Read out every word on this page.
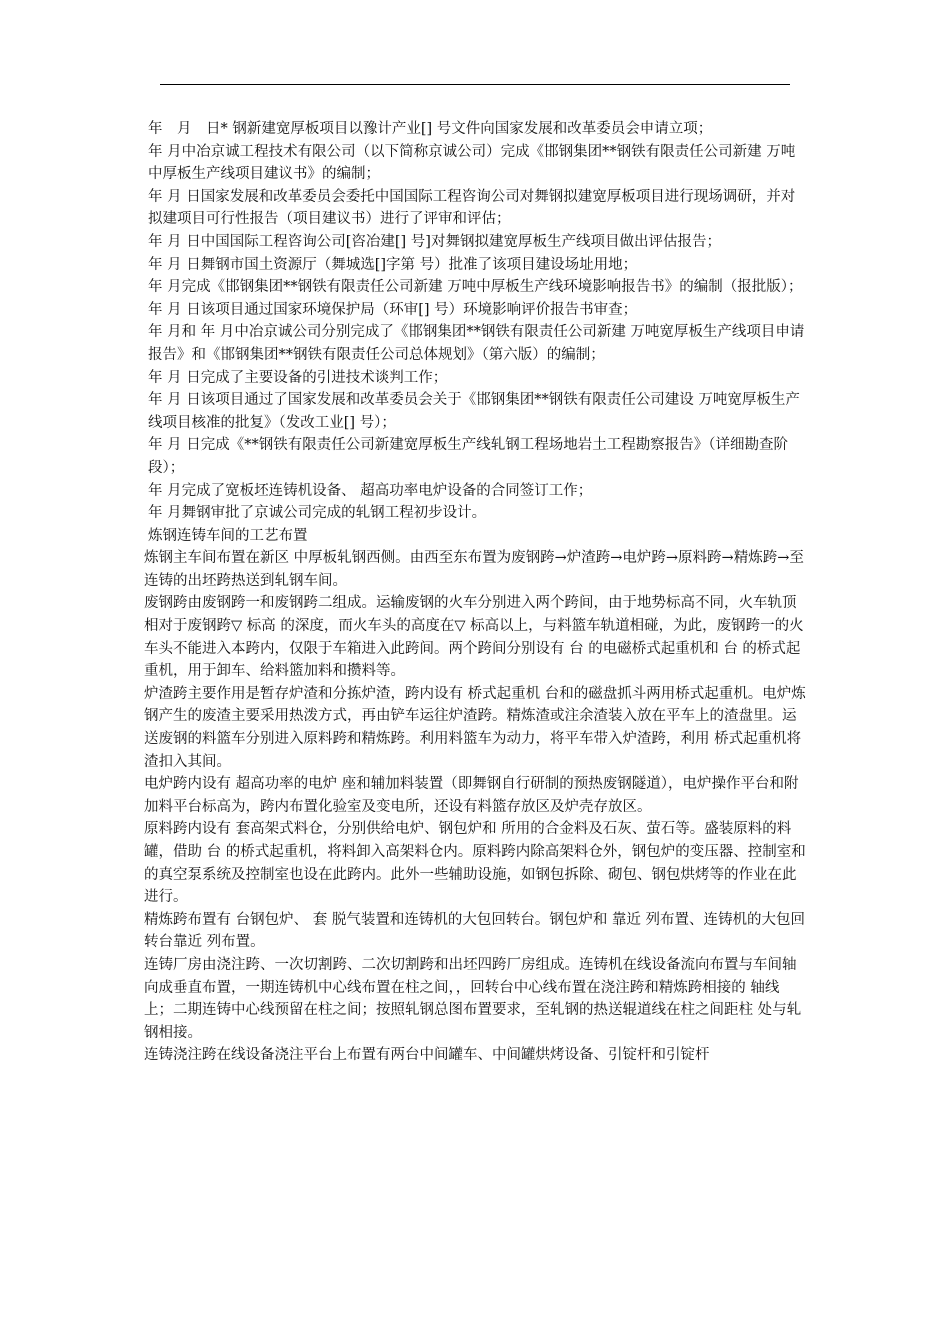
年　月　日* 钢新建宽厚板项目以豫计产业[] 号文件向国家发展和改革委员会申请立项；

年 月中冶京诚工程技术有限公司（以下简称京诚公司）完成《邯钢集团**钢铁有限责任公司新建 万吨中厚板生产线项目建议书》的编制；

年 月 日国家发展和改革委员会委托中国国际工程咨询公司对舞钢拟建宽厚板项目进行现场调研，并对拟建项目可行性报告（项目建议书）进行了评审和评估；

年 月 日中国国际工程咨询公司[咨冶建[] 号]对舞钢拟建宽厚板生产线项目做出评估报告；

年 月 日舞钢市国土资源厅（舞城选[]字第 号）批准了该项目建设场址用地；

年 月完成《邯钢集团**钢铁有限责任公司新建 万吨中厚板生产线环境影响报告书》的编制（报批版）；

年 月 日该项目通过国家环境保护局（环审[] 号）环境影响评价报告书审查；

年 月和 年 月中冶京诚公司分别完成了《邯钢集团**钢铁有限责任公司新建 万吨宽厚板生产线项目申请报告》和《邯钢集团**钢铁有限责任公司总体规划》（第六版）的编制；

年 月 日完成了主要设备的引进技术谈判工作；

年 月 日该项目通过了国家发展和改革委员会关于《邯钢集团**钢铁有限责任公司建设 万吨宽厚板生产线项目核准的批复》（发改工业[] 号）；

年 月 日完成《**钢铁有限责任公司新建宽厚板生产线轧钢工程场地岩土工程勘察报告》（详细勘查阶段）；

年 月完成了宽板坯连铸机设备、 超高功率电炉设备的合同签订工作；

年 月舞钢审批了京诚公司完成的轧钢工程初步设计。

炼钢连铸车间的工艺布置

炼钢主车间布置在新区 中厚板轧钢西侧。由西至东布置为废钢跨→炉渣跨→电炉跨→原料跨→精炼跨→至连铸的出坯跨热送到轧钢车间。

废钢跨由废钢跨一和废钢跨二组成。运输废钢的火车分别进入两个跨间，由于地势标高不同，火车轨顶相对于废钢跨▽ 标高 的深度，而火车头的高度在▽ 标高以上，与料篮车轨道相碰，为此，废钢跨一的火车头不能进入本跨内，仅限于车箱进入此跨间。两个跨间分别设有 台 的电磁桥式起重机和 台 的桥式起重机，用于卸车、给料篮加料和攒料等。

炉渣跨主要作用是暂存炉渣和分拣炉渣，跨内设有 桥式起重机 台和的磁盘抓斗两用桥式起重机。电炉炼钢产生的废渣主要采用热泼方式，再由铲车运往炉渣跨。精炼渣或注余渣装入放在平车上的渣盘里。运送废钢的料篮车分别进入原料跨和精炼跨。利用料篮车为动力，将平车带入炉渣跨，利用 桥式起重机将渣扣入其间。

电炉跨内设有 超高功率的电炉 座和辅加料装置（即舞钢自行研制的预热废钢隧道），电炉操作平台和附加料平台标高为，跨内布置化验室及变电所，还设有料篮存放区及炉壳存放区。

原料跨内设有 套高架式料仓，分别供给电炉、钢包炉和 所用的合金料及石灰、萤石等。盛装原料的料罐，借助 台 的桥式起重机，将料卸入高架料仓内。原料跨内除高架料仓外，钢包炉的变压器、控制室和 的真空泵系统及控制室也设在此跨内。此外一些辅助设施，如钢包拆除、砌包、钢包烘烤等的作业在此进行。

精炼跨布置有 台钢包炉、 套 脱气装置和连铸机的大包回转台。钢包炉和 靠近 列布置、连铸机的大包回转台靠近 列布置。

连铸厂房由浇注跨、一次切割跨、二次切割跨和出坯四跨厂房组成。连铸机在线设备流向布置与车间轴向成垂直布置，一期连铸机中心线布置在柱之间，，回转台中心线布置在浇注跨和精炼跨相接的 轴线上；二期连铸中心线预留在柱之间；按照轧钢总图布置要求，至轧钢的热送辊道线在柱之间距柱 处与轧钢相接。

连铸浇注跨在线设备浇注平台上布置有两台中间罐车、中间罐烘烤设备、引锭杆和引锭杆
